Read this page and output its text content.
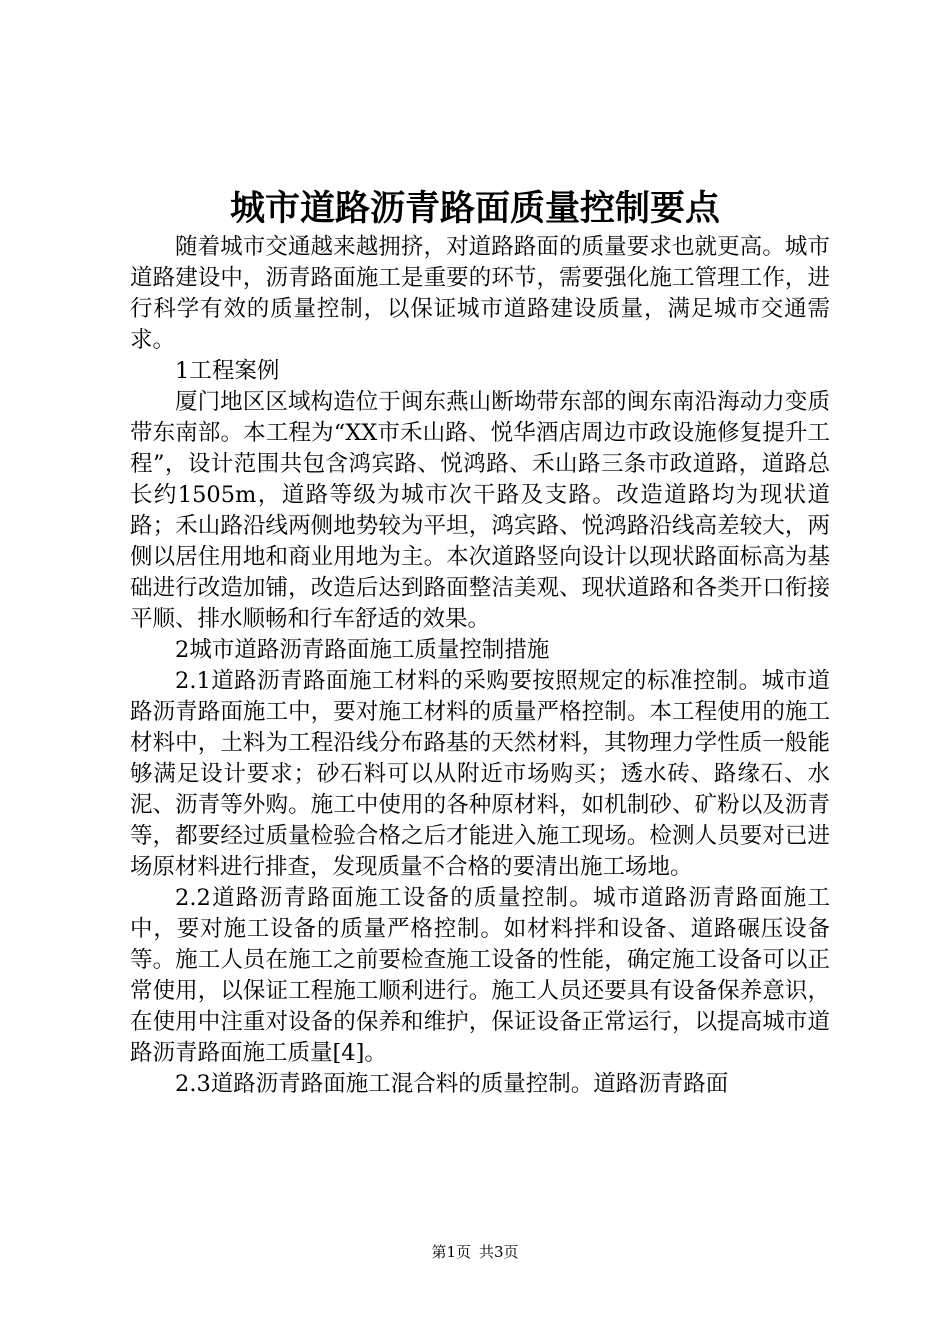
城市道路沥青路面质量控制要点

随着城市交通越来越拥挤，对道路路面的质量要求也就更高。城市道路建设中，沥青路面施工是重要的环节，需要强化施工管理工作，进行科学有效的质量控制，以保证城市道路建设质量，满足城市交通需求。

1工程案例

厦门地区区域构造位于闽东燕山断坳带东部的闽东南沿海动力变质带东南部。本工程为“XX市禾山路、悦华酒店周边市政设施修复提升工程”，设计范围共包含鸿宾路、悦鸿路、禾山路三条市政道路，道路总长约1505m，道路等级为城市次干路及支路。改造道路均为现状道路；禾山路沿线两侧地势较为平坦，鸿宾路、悦鸿路沿线高差较大，两侧以居住用地和商业用地为主。本次道路竖向设计以现状路面标高为基础进行改造加铺，改造后达到路面整洁美观、现状道路和各类开口衔接平顺、排水顺畅和行车舒适的效果。

2城市道路沥青路面施工质量控制措施

2.1道路沥青路面施工材料的采购要按照规定的标准控制。城市道路沥青路面施工中，要对施工材料的质量严格控制。本工程使用的施工材料中，土料为工程沿线分布路基的天然材料，其物理力学性质一般能够满足设计要求；砂石料可以从附近市场购买；透水砖、路缘石、水泥、沥青等外购。施工中使用的各种原材料，如机制砂、矿粉以及沥青等，都要经过质量检验合格之后才能进入施工现场。检测人员要对已进场原材料进行排查，发现质量不合格的要清出施工场地。

2.2道路沥青路面施工设备的质量控制。城市道路沥青路面施工中，要对施工设备的质量严格控制。如材料拌和设备、道路碾压设备等。施工人员在施工之前要检查施工设备的性能，确定施工设备可以正常使用，以保证工程施工顺利进行。施工人员还要具有设备保养意识，在使用中注重对设备的保养和维护，保证设备正常运行，以提高城市道路沥青路面施工质量[4]。

2.3道路沥青路面施工混合料的质量控制。道路沥青路面

第1页 共3页
